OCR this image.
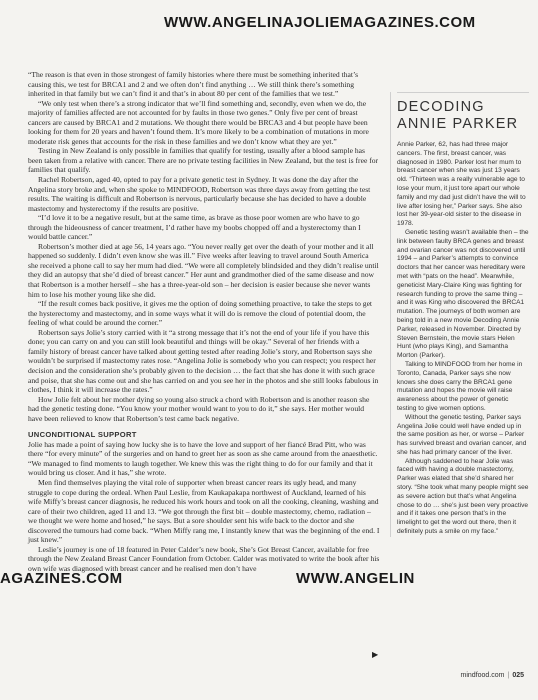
WWW.ANGELINAJOLIEMAGAZINES.COM

“The reason is that even in those strongest of family histories where there must be something inherited that’s causing this, we test for BRCA1 and 2 and we often don’t find anything … We still think there’s something inherited in that family but we can’t find it and that’s in about 80 per cent of the families that we test.”

“We only test when there’s a strong indicator that we’ll find something and, secondly, even when we do, the majority of families affected are not accounted for by faults in those two genes.” Only five per cent of breast cancers are caused by BRCA1 and 2 mutations. We thought there would be BRCA3 and 4 but people have been looking for them for 20 years and haven’t found them. It’s more likely to be a combination of mutations in more moderate risk genes that accounts for the risk in these families and we don’t know what they are yet.”

Testing in New Zealand is only possible in families that qualify for testing, usually after a blood sample has been taken from a relative with cancer. There are no private testing facilities in New Zealand, but the test is free for families that qualify.

Rachel Robertson, aged 40, opted to pay for a private genetic test in Sydney. It was done the day after the Angelina story broke and, when she spoke to MINDFOOD, Robertson was three days away from getting the test results. The waiting is difficult and Robertson is nervous, particularly because she has decided to have a double mastectomy and hysterectomy if the results are positive.

“I’d love it to be a negative result, but at the same time, as brave as those poor women are who have to go through the hideousness of cancer treatment, I’d rather have my boobs chopped off and a hysterectomy than I would battle cancer.”

Robertson’s mother died at age 56, 14 years ago. “You never really get over the death of your mother and it all happened so suddenly. I didn’t even know she was ill.” Five weeks after leaving to travel around South America she received a phone call to say her mum had died. “We were all completely blindsided and they didn’t realise until they did an autopsy that she’d died of breast cancer.” Her aunt and grandmother died of the same disease and now that Robertson is a mother herself – she has a three-year-old son – her decision is easier because she never wants him to lose his mother young like she did.

“If the result comes back positive, it gives me the option of doing something proactive, to take the steps to get the hysterectomy and mastectomy, and in some ways what it will do is remove the cloud of potential doom, the feeling of what could be around the corner.”

Robertson says Jolie’s story carried with it “a strong message that it’s not the end of your life if you have this done; you can carry on and you can still look beautiful and things will be okay.” Several of her friends with a family history of breast cancer have talked about getting tested after reading Jolie’s story, and Robertson says she wouldn’t be surprised if mastectomy rates rose. “Angelina Jolie is somebody who you can respect; you respect her decision and the consideration she’s probably given to the decision … the fact that she has done it with such grace and poise, that she has come out and she has carried on and you see her in the photos and she still looks fabulous in clothes, I think it will increase the rates.”

How Jolie felt about her mother dying so young also struck a chord with Robertson and is another reason she had the genetic testing done. “You know your mother would want to you to do it,” she says. Her mother would have been relieved to know that Robertson’s test came back negative.

UNCONDITIONAL SUPPORT

Jolie has made a point of saying how lucky she is to have the love and support of her fiancé Brad Pitt, who was there “for every minute” of the surgeries and on hand to greet her as soon as she came around from the anaesthetic. “We managed to find moments to laugh together. We knew this was the right thing to do for our family and that it would bring us closer. And it has,” she wrote.

Men find themselves playing the vital role of supporter when breast cancer rears its ugly head, and many struggle to cope during the ordeal. When Paul Leslie, from Kaukapakapa northwest of Auckland, learned of his wife Miffy’s breast cancer diagnosis, he reduced his work hours and took on all the cooking, cleaning, washing and care of their two children, aged 11 and 13. “We got through the first bit – double mastectomy, chemo, radiation – we thought we were home and hosed,” he says. But a sore shoulder sent his wife back to the doctor and she discovered the tumours had come back. “When Miffy rang me, I instantly knew that was the beginning of the end. I just knew.”

Leslie’s journey is one of 18 featured in Peter Calder’s new book, She’s Got Breast Cancer, available for free through the New Zealand Breast Cancer Foundation from October. Calder was motivated to write the book after his own wife was diagnosed with breast cancer and he realised men don’t have

AGAZINES.COM	WWW.ANGELIN
DECODING ANNIE PARKER

Annie Parker, 62, has had three major cancers. The first, breast cancer, was diagnosed in 1980. Parker lost her mum to breast cancer when she was just 13 years old. “Thirteen was a really vulnerable age to lose your mum, it just tore apart our whole family and my dad just didn’t have the will to live after losing her,” Parker says. She also lost her 39-year-old sister to the disease in 1978.

Genetic testing wasn’t available then – the link between faulty BRCA genes and breast and ovarian cancer was not discovered until 1994 – and Parker’s attempts to convince doctors that her cancer was hereditary were met with “pats on the head”. Meanwhile, geneticist Mary-Claire King was fighting for research funding to prove the same thing – and it was King who discovered the BRCA1 mutation. The journeys of both women are being told in a new movie Decoding Annie Parker, released in November. Directed by Steven Bernstein, the movie stars Helen Hunt (who plays King), and Samantha Morton (Parker).

Talking to MINDFOOD from her home in Toronto, Canada, Parker says she now knows she does carry the BRCA1 gene mutation and hopes the movie will raise awareness about the power of genetic testing to give women options.

Without the genetic testing, Parker says Angelina Jolie could well have ended up in the same position as her, or worse – Parker has survived breast and ovarian cancer, and she has had primary cancer of the liver.

Although saddened to hear Jolie was faced with having a double mastectomy, Parker was elated that she’d shared her story. “She took what many people might see as severe action but that’s what Angelina chose to do … she’s just been very proactive and if it takes one person that’s in the limelight to get the word out there, then it definitely puts a smile on my face.”

▶
mindfood.com | 025
